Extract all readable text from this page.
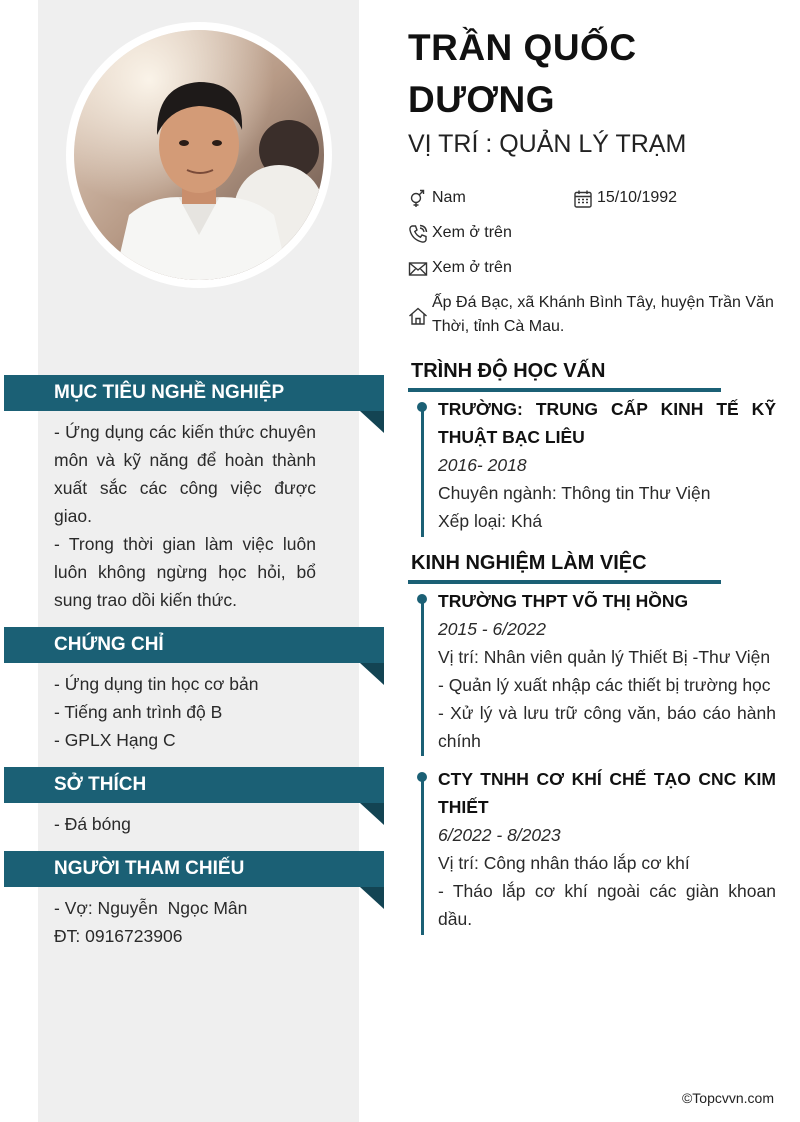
MỤC TIÊU NGHỀ NGHIỆP
- Ứng dụng các kiến thức chuyên môn và kỹ năng để hoàn thành xuất sắc các công việc được giao.
- Trong thời gian làm việc luôn luôn không ngừng học hỏi, bổ sung trao dồi kiến thức.
CHỨNG CHỈ
- Ứng dụng tin học cơ bản
- Tiếng anh trình độ B
- GPLX Hạng C
SỞ THÍCH
- Đá bóng
NGƯỜI THAM CHIẾU
- Vợ: Nguyễn  Ngọc Mân
ĐT: 0916723906
TRẦN QUỐC DƯƠNG
VỊ TRÍ : QUẢN LÝ TRẠM
Nam	15/10/1992
Xem ở trên
Xem ở trên
Ấp Đá Bạc, xã Khánh Bình Tây, huyện Trần Văn Thời, tỉnh Cà Mau.
TRÌNH ĐỘ HỌC VẤN
TRƯỜNG: TRUNG CẤP KINH TẾ KỸ THUẬT BẠC LIÊU
2016- 2018
Chuyên ngành: Thông tin Thư Viện
Xếp loại: Khá
KINH NGHIỆM LÀM VIỆC
TRƯỜNG THPT VÕ THỊ HỒNG
2015 - 6/2022
Vị trí: Nhân viên quản lý Thiết Bị -Thư Viện
- Quản lý xuất nhập các thiết bị trường học
- Xử lý và lưu trữ công văn, báo cáo hành chính
CTY TNHH CƠ KHÍ CHẾ TẠO CNC KIM THIẾT
6/2022 - 8/2023
Vị trí: Công nhân tháo lắp cơ khí
- Tháo lắp cơ khí ngoài các giàn khoan dầu.
©Topcvvn.com
